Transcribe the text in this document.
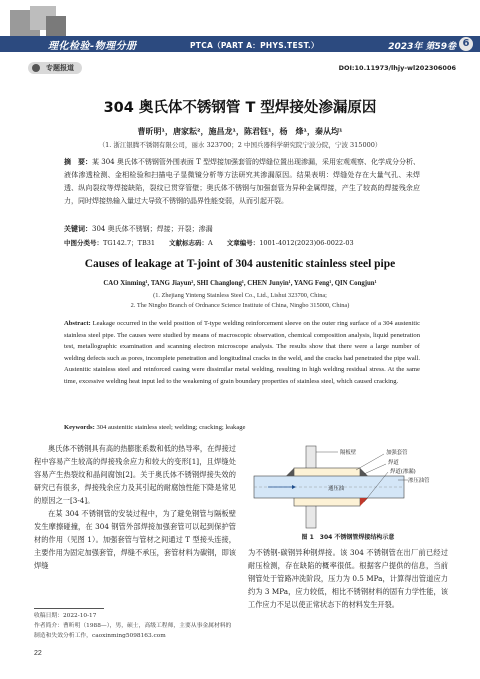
理化检验-物理分册	PTCA（PART A：PHYS.TEST.）	2023年 第59卷 6
专题报道	DOI:10.11973/lhjy-wl202306006
304 奥氏体不锈钢管 T 型焊接处渗漏原因
曹昕明¹，唐家耘²，施昌龙¹，陈君钰¹，杨　烽¹，秦从均¹
（1. 浙江银腾不锈钢有限公司，丽水 323700；2 中国兵器科学研究院宁波分院，宁波 315000）
摘　要：某 304 奥氏体不锈钢管外围表面 T 型焊接加强套管的焊缝位置出现渗漏，采用宏观观察、化学成分分析、液体渗透检测、金相检验和扫描电子显微镜分析等方法研究其渗漏原因。结果表明：焊缝处存在大量气孔、未焊透、纵向裂纹等焊接缺陷，裂纹已贯穿管壁；奥氏体不锈钢与加强套管为异种金属焊接，产生了较高的焊接残余应力，同时焊接热输入量过大导致不锈钢的晶界性能变弱，从而引起开裂。
关键词：304 奥氏体不锈钢；焊接；开裂；渗漏
中图分类号：TG142.7；TB31 文献标志码：A 文章编号：1001-4012(2023)06-0022-03
Causes of leakage at T-joint of 304 austenitic stainless steel pipe
CAO Xinming¹, TANG Jiayun², SHI Changlong¹, CHEN Junyin¹, YANG Feng¹, QIN Congjun¹
(1. Zhejiang Yinteng Stainless Steel Co., Ltd., Lishui 323700, China;
2. The Ningbo Branch of Ordnance Science Institute of China, Ningbo 315000, China)
Abstract: Leakage occurred in the weld position of T-type welding reinforcement sleeve on the outer ring surface of a 304 austenitic stainless steel pipe. The causes were studied by means of macroscopic observation, chemical composition analysis, liquid penetration test, metallographic examination and scanning electron microscope analysis. The results show that there were a large number of welding defects such as pores, incomplete penetration and longitudinal cracks in the weld, and the cracks had penetrated the pipe wall. Austenitic stainless steel and reinforced casing were dissimilar metal welding, resulting in high welding residual stress. At the same time, excessive welding heat input led to the weakening of grain boundary properties of stainless steel, which caused cracking.
Keywords: 304 austenitic stainless steel; welding; cracking; leakage

奥氏体不锈钢具有高的热膨胀系数和低的热导率，在焊接过程中容易产生较高的焊接残余应力和较大的变形[1]，且焊缝处容易产生热裂纹和晶间腐蚀[2]。关于奥氏体不锈钢焊接失效的研究已有很多，焊接残余应力及其引起的耐腐蚀性能下降是常见的原因之一[3-4]。

在某 304 不锈钢管的安装过程中，为了避免钢管与隔板壁发生摩擦碰撞，在 304 钢管外部焊接加强套管可以起到保护管材的作用（见图 1）。加强套管与管材之间通过 T 型接头连接，主要作用为固定加强套管，焊缝不承压，套管材料为碳钢，即该焊缝

收稿日期：2022-10-17
作者简介：曹昕明（1988—），男，硕士，高级工程师，主要从事金属材料的制造和失效分析工作，caoxinming5098163.com
22
隔板壁	加强套管
焊道
焊道(渗漏)
渗压油管
通压油
图 1　304 不锈钢管焊接结构示意

为不锈钢-碳钢异种钢焊接。该 304 不锈钢管在出厂前已经过耐压检测，存在缺陷的概率很低。根据客户提供的信息，当前钢管处于管路冲洗阶段，压力为 0.5 MPa，计算得出管道应力约为 3 MPa，应力较低，相比不锈钢材料的固有力学性能，该工作应力不足以使正常状态下的材料发生开裂。
